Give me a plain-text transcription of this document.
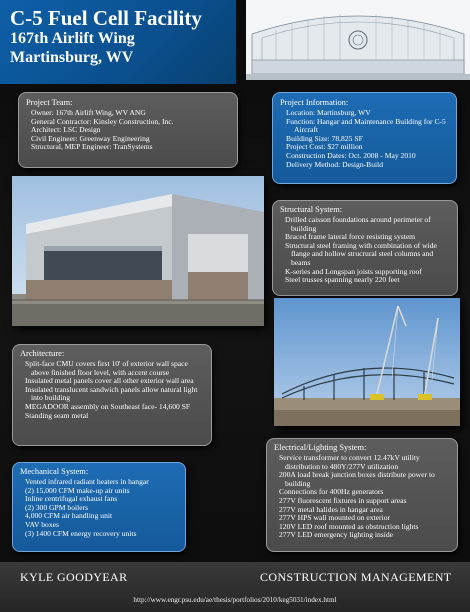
C-5 Fuel Cell Facility
167th Airlift Wing
Martinsburg, WV
Project Team:
Owner: 167th Airlift Wing, WV ANG
General Contractor: Kinsley Construction, Inc.
Architect: LSC Design
Civil Engineer: Greenway Engineering
Structural, MEP Engineer: TranSystems
Project Information:
Location: Martinsburg, WV
Function: Hangar and Maintenance Building for C-5 Aircraft
Building Size: 78,825 SF
Project Cost: $27 million
Construction Dates: Oct. 2008 - May 2010
Delivery Method: Design-Build
Structural System:
Drilled caisson foundations around perimeter of building
Braced frame lateral force resisting system
Structural steel framing with combination of wide flange and hollow strucrural steel columns and beams
K-series and Longspan joists supporting roof
Steel trusses spanning nearly 220 feet
Architecture:
Split-face CMU covers first 10' of exterior wall space above finished floor level, with accent course
Insulated metal panels cover all other exterior wall area
Insulated translucent sandwich panels allow natural light into building
MEGADOOR assembly on Southeast face- 14,600 SF
Standing seam metal
Electrical/Lighting System:
Service transformer to convert 12.47kV utility distribution to 480Y/277V utilization
200A load break junction boxes distribute power to building
Connections for 400Hz generators
277V fluorescent fixtures in support areas
277V metal halides in hangar area
277V HPS wall mounted on exterior
120V LED roof mounted as obstruction lights
277V LED emergency lighting inside
Mechanical System:
Vented infrared radiant heaters in hangar
(2) 15,000 CFM make-up air units
Inline centrifugal exhaust fans
(2) 300 GPM boilers
4,000 CFM air handling unit
VAV boxes
(3) 1400 CFM energy recovery units
KYLE GOODYEAR	CONSTRUCTION MANAGEMENT
http://www.engr.psu.edu/ae/thesis/portfolios/2010/keg5031/index.html
